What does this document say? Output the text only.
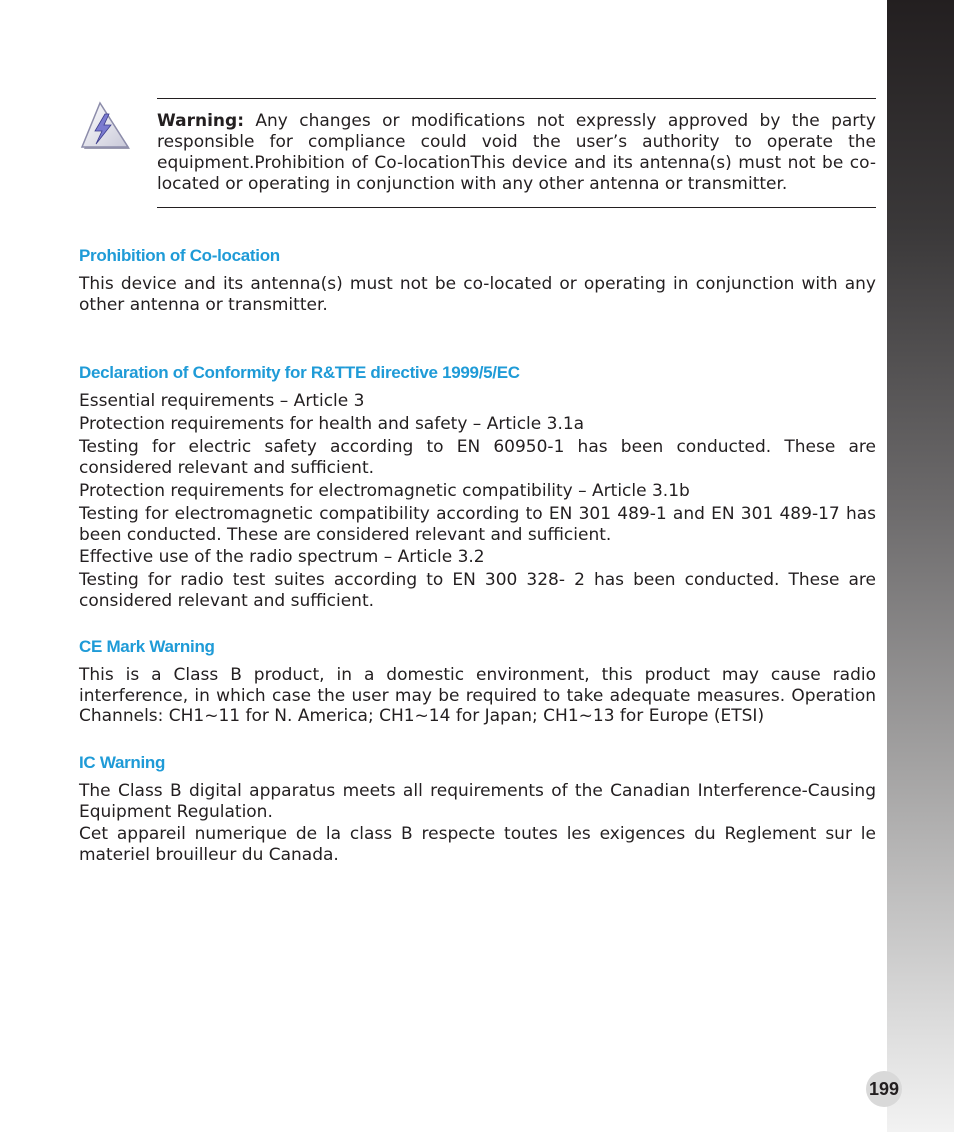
Warning: Any changes or modifications not expressly approved by the party responsible for compliance could void the user’s authority to operate the equipment.Prohibition of Co-locationThis device and its antenna(s) must not be co-located or operating in conjunction with any other antenna or transmitter.

Prohibition of Co-location

This device and its antenna(s) must not be co-located or operating in conjunction with any other antenna or transmitter.

Declaration of Conformity for R&TTE directive 1999/5/EC

Essential requirements – Article 3

Protection requirements for health and safety – Article 3.1a

Testing for electric safety according to EN 60950-1 has been conducted. These are considered relevant and sufficient.

Protection requirements for electromagnetic compatibility – Article 3.1b

Testing for electromagnetic compatibility according to EN 301 489-1 and EN 301 489-17 has been conducted. These are considered relevant and sufficient.

Effective use of the radio spectrum – Article 3.2

Testing for radio test suites according to EN 300 328- 2 has been conducted. These are considered relevant and sufficient.

CE Mark Warning

This is a Class B product, in a domestic environment, this product may cause radio interference, in which case the user may be required to take adequate measures. Operation Channels: CH1~11 for N. America; CH1~14 for Japan; CH1~13 for Europe (ETSI)

IC Warning

The Class B digital apparatus meets all requirements of the Canadian Interference-Causing Equipment Regulation.

Cet appareil numerique de la class B respecte toutes les exigences du Reglement sur le materiel brouilleur du Canada.

199
